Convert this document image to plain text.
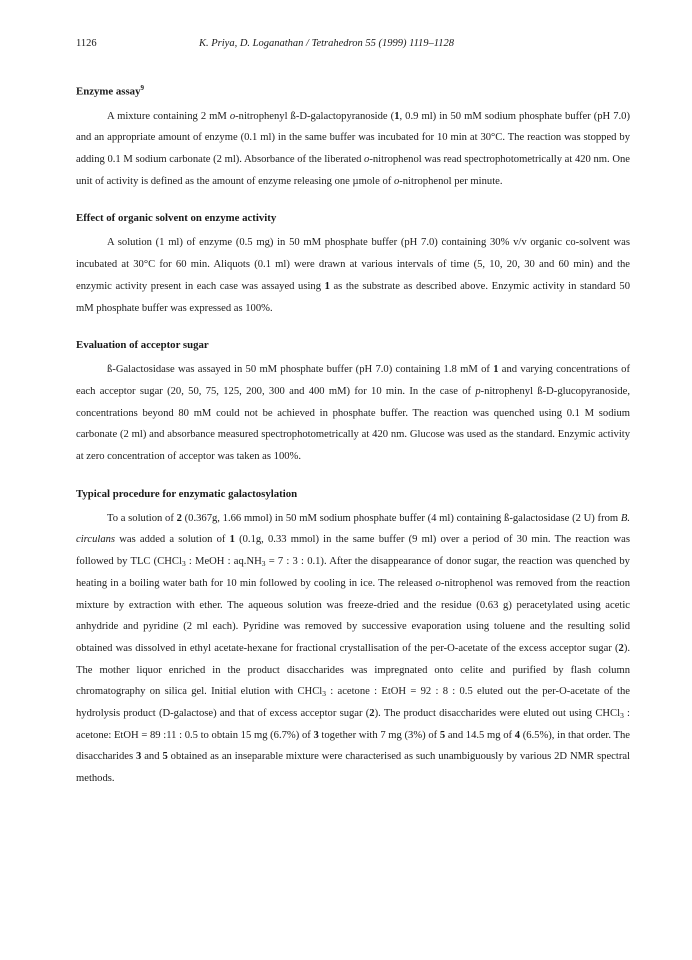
1126	K. Priya, D. Loganathan / Tetrahedron 55 (1999) 1119–1128
Enzyme assay$^9$

A mixture containing 2 mM o-nitrophenyl ß-D-galactopyranoside (1, 0.9 ml) in 50 mM sodium phosphate buffer (pH 7.0) and an appropriate amount of enzyme (0.1 ml) in the same buffer was incubated for 10 min at 30°C. The reaction was stopped by adding 0.1 M sodium carbonate (2 ml). Absorbance of the liberated o-nitrophenol was read spectrophotometrically at 420 nm. One unit of activity is defined as the amount of enzyme releasing one µmole of o-nitrophenol per minute.

Effect of organic solvent on enzyme activity

A solution (1 ml) of enzyme (0.5 mg) in 50 mM phosphate buffer (pH 7.0) containing 30% v/v organic co-solvent was incubated at 30°C for 60 min. Aliquots (0.1 ml) were drawn at various intervals of time (5, 10, 20, 30 and 60 min) and the enzymic activity present in each case was assayed using 1 as the substrate as described above. Enzymic activity in standard 50 mM phosphate buffer was expressed as 100%.

Evaluation of acceptor sugar

ß-Galactosidase was assayed in 50 mM phosphate buffer (pH 7.0) containing 1.8 mM of 1 and varying concentrations of each acceptor sugar (20, 50, 75, 125, 200, 300 and 400 mM) for 10 min. In the case of p-nitrophenyl ß-D-glucopyranoside, concentrations beyond 80 mM could not be achieved in phosphate buffer. The reaction was quenched using 0.1 M sodium carbonate (2 ml) and absorbance measured spectrophotometrically at 420 nm. Glucose was used as the standard. Enzymic activity at zero concentration of acceptor was taken as 100%.

Typical procedure for enzymatic galactosylation

To a solution of 2 (0.367g, 1.66 mmol) in 50 mM sodium phosphate buffer (4 ml) containing ß-galactosidase (2 U) from B. circulans was added a solution of 1 (0.1g, 0.33 mmol) in the same buffer (9 ml) over a period of 30 min. The reaction was followed by TLC (CHCl$_3$ : MeOH : $aq.NH_3 = 7$ : 3 : 0.1). After the disappearance of donor sugar, the reaction was quenched by heating in a boiling water bath for 10 min followed by cooling in ice. The released o-nitrophenol was removed from the reaction mixture by extraction with ether. The aqueous solution was freeze-dried and the residue (0.63 g) peracetylated using acetic anhydride and pyridine (2 ml each). Pyridine was removed by successive evaporation using toluene and the resulting solid obtained was dissolved in ethyl acetate-hexane for fractional crystallisation of the per-O-acetate of the excess acceptor sugar (2). The mother liquor enriched in the product disaccharides was impregnated onto celite and purified by flash column chromatography on silica gel. Initial elution with CHCl$_3$ : acetone : EtOH = 92 : 8 : 0.5 eluted out the per-O-acetate of the hydrolysis product (D-galactose) and that of excess acceptor sugar (2). The product disaccharides were eluted out using CHCl$_3$ : acetone: EtOH = 89 :11 : 0.5 to obtain 15 mg (6.7%) of 3 together with 7 mg (3%) of 5 and 14.5 mg of 4 (6.5%), in that order. The disaccharides 3 and 5 obtained as an inseparable mixture were characterised as such unambiguously by various 2D NMR spectral methods.
